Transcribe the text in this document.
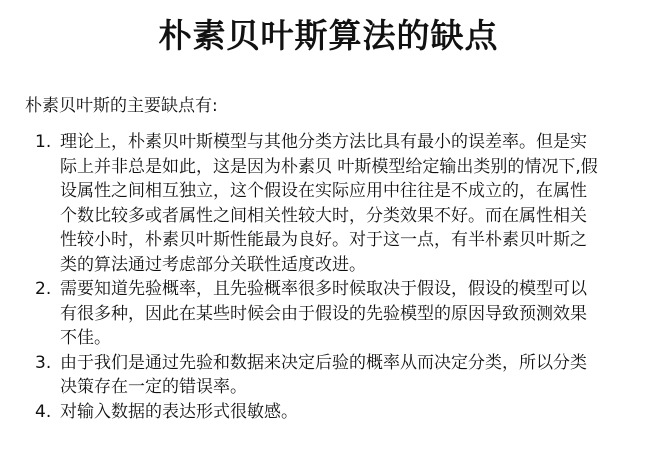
朴素贝叶斯算法的缺点

朴素贝叶斯的主要缺点有:

1. 理论上，朴素贝叶斯模型与其他分类方法比具有最小的误差率。但是实
际上并非总是如此，这是因为朴素贝 叶斯模型给定输出类别的情况下,假
设属性之间相互独立，这个假设在实际应用中往往是不成立的，在属性
个数比较多或者属性之间相关性较大时，分类效果不好。而在属性相关
性较小时，朴素贝叶斯性能最为良好。对于这一点，有半朴素贝叶斯之
类的算法通过考虑部分关联性适度改进。
2. 需要知道先验概率，且先验概率很多时候取决于假设，假设的模型可以
有很多种，因此在某些时候会由于假设的先验模型的原因导致预测效果
不佳。
3. 由于我们是通过先验和数据来决定后验的概率从而决定分类，所以分类
决策存在一定的错误率。
4. 对输入数据的表达形式很敏感。
